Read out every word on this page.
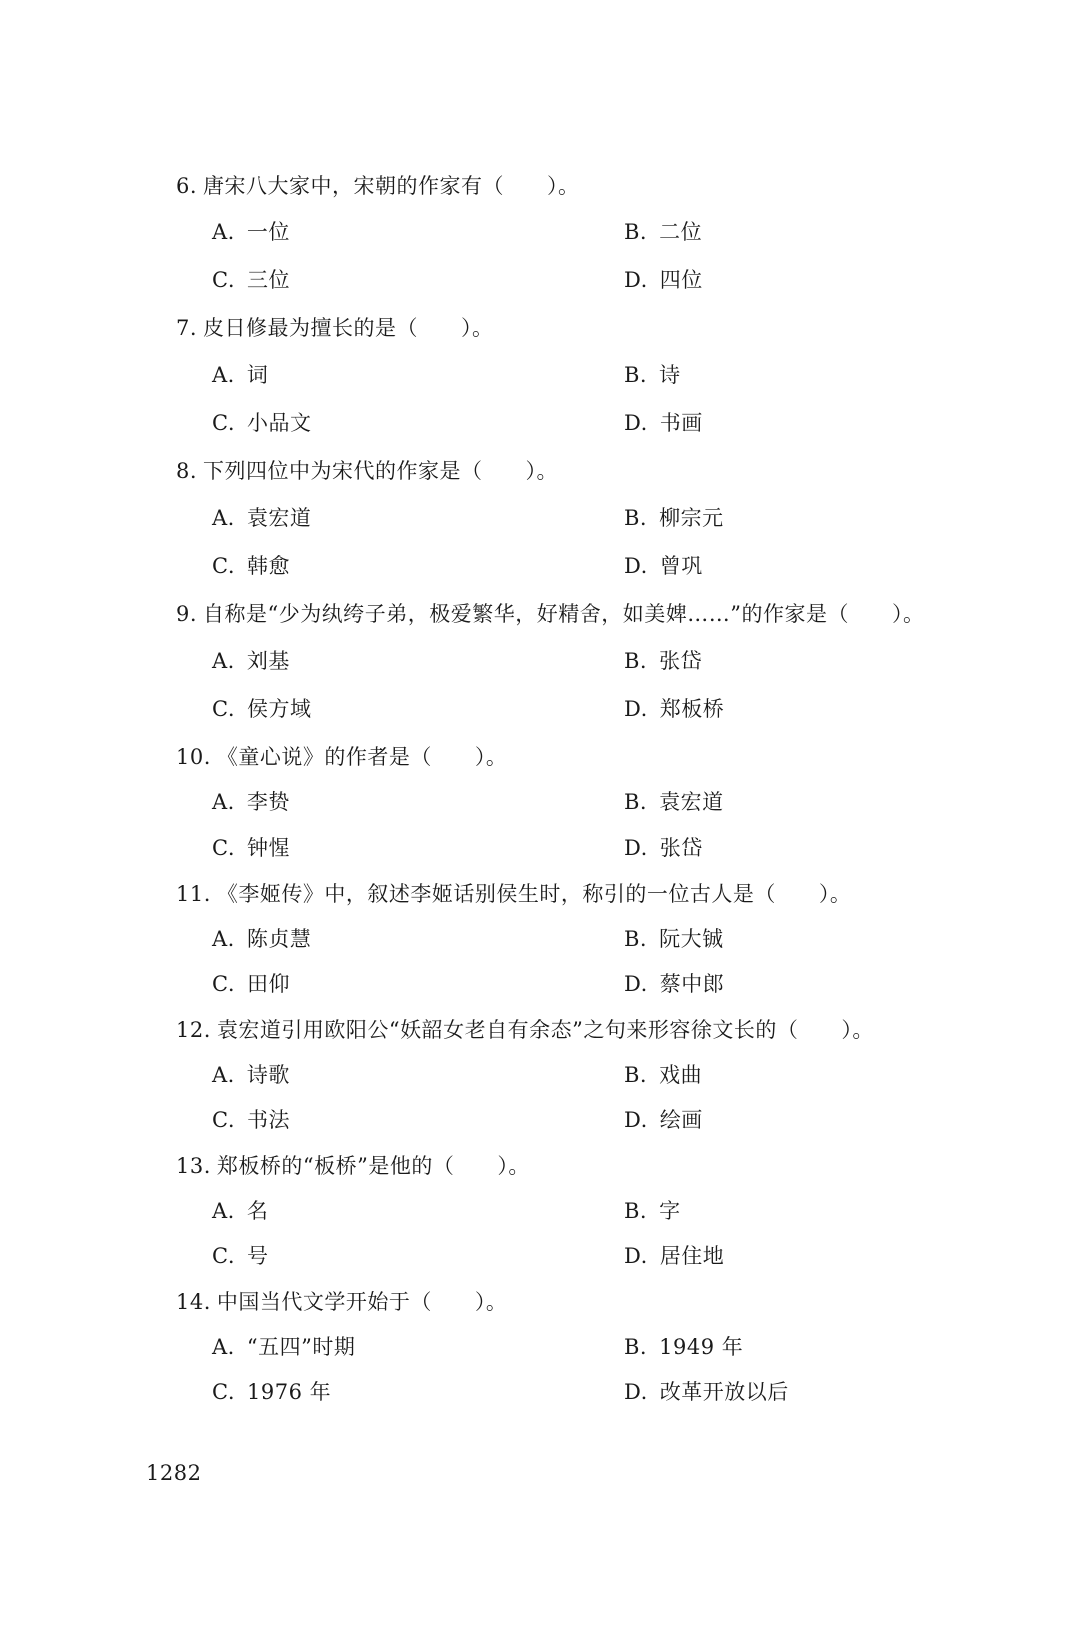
6. 唐宋八大家中，宋朝的作家有（　　）。
A. 一位	B. 二位
C. 三位	D. 四位
7. 皮日修最为擅长的是（　　）。
A. 词	B. 诗
C. 小品文	D. 书画
8. 下列四位中为宋代的作家是（　　）。
A. 袁宏道	B. 柳宗元
C. 韩愈	D. 曾巩
9. 自称是“少为纨绔子弟，极爱繁华，好精舍，如美婢……”的作家是（　　）。
A. 刘基	B. 张岱
C. 侯方域	D. 郑板桥
10. 《童心说》的作者是（　　）。
A. 李贽	B. 袁宏道
C. 钟惺	D. 张岱
11. 《李姬传》中，叙述李姬话别侯生时，称引的一位古人是（　　）。
A. 陈贞慧	B. 阮大铖
C. 田仰	D. 蔡中郎
12. 袁宏道引用欧阳公“妖韶女老自有余态”之句来形容徐文长的（　　）。
A. 诗歌	B. 戏曲
C. 书法	D. 绘画
13. 郑板桥的“板桥”是他的（　　）。
A. 名	B. 字
C. 号	D. 居住地
14. 中国当代文学开始于（　　）。
A. “五四”时期	B. 1949 年
C. 1976 年	D. 改革开放以后
1282
